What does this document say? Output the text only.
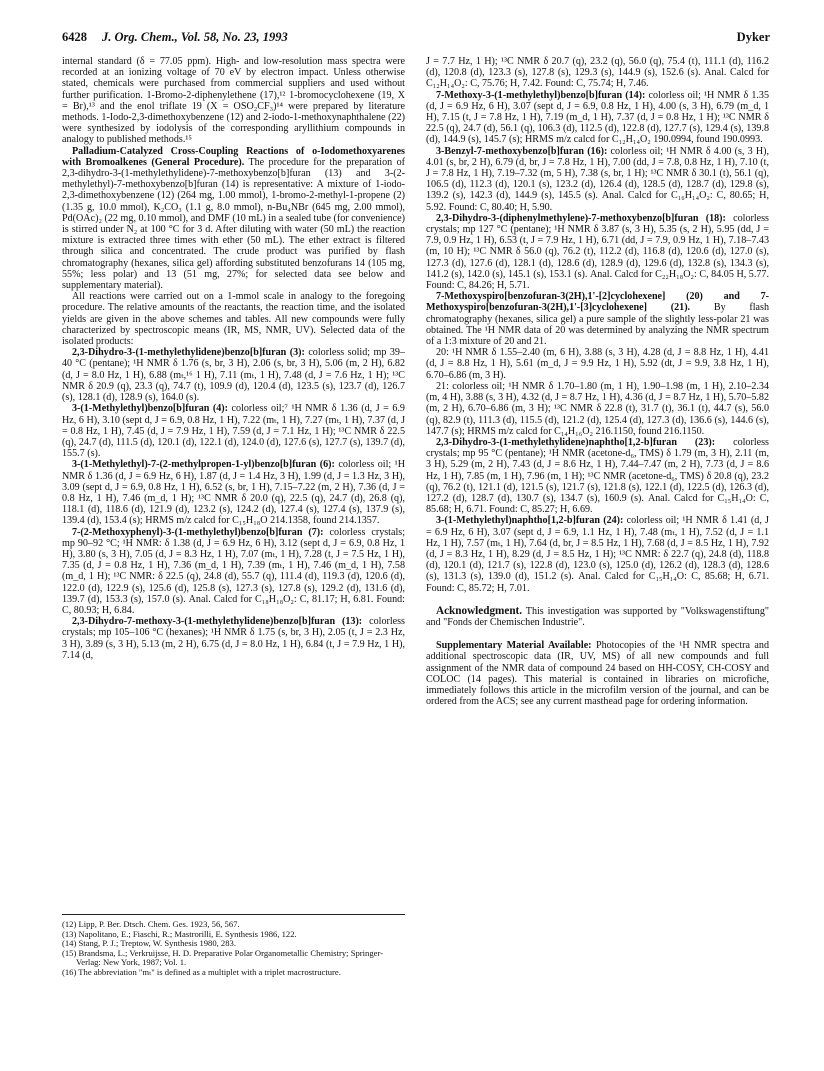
6428 J. Org. Chem., Vol. 58, No. 23, 1993	Dyker

internal standard (δ = 77.05 ppm). High- and low-resolution mass spectra were recorded at an ionizing voltage of 70 eV by electron impact. Unless otherwise stated, chemicals were purchased from commercial suppliers and used without further purification. 1-Bromo-2-diphenylethene (17),¹² 1-bromocyclohexene (19, X = Br),¹³ and the enol triflate 19 (X = OSO₂CF₃)¹⁴ were prepared by literature methods. 1-Iodo-2,3-dimethoxybenzene (12) and 2-iodo-1-methoxynaphthalene (22) were synthesized by iodolysis of the corresponding aryllithium compounds in analogy to published methods.¹⁵

Palladium-Catalyzed Cross-Coupling Reactions of o-Iodomethoxyarenes with Bromoalkenes (General Procedure). The procedure for the preparation of 2,3-dihydro-3-(1-methylethylidene)-7-methoxybenzo[b]furan (13) and 3-(2-methylethyl)-7-methoxybenzo[b]furan (14) is representative: A mixture of 1-iodo-2,3-dimethoxybenzene (12) (264 mg, 1.00 mmol), 1-bromo-2-methyl-1-propene (2) (1.35 g, 10.0 mmol), K₂CO₃ (1.1 g, 8.0 mmol), n-Bu₄NBr (645 mg, 2.00 mmol), Pd(OAc)₂ (22 mg, 0.10 mmol), and DMF (10 mL) in a sealed tube (for convenience) is stirred under N₂ at 100 °C for 3 d. After diluting with water (50 mL) the reaction mixture is extracted three times with ether (50 mL). The ether extract is filtered through silica and concentrated. The crude product was purified by flash chromatography (hexanes, silica gel) affording substituted benzofurans 14 (105 mg, 55%; less polar) and 13 (51 mg, 27%; for selected data see below and supplementary material).

All reactions were carried out on a 1-mmol scale in analogy to the foregoing procedure. The relative amounts of the reactants, the reaction time, and the isolated yields are given in the above schemes and tables. All new compounds were fully characterized by spectroscopic means (IR, MS, NMR, UV). Selected data of the isolated products:

2,3-Dihydro-3-(1-methylethylidene)benzo[b]furan (3): colorless solid; mp 39–40 °C (pentane); ¹H NMR δ 1.76 (s, br, 3 H), 2.06 (s, br, 3 H), 5.06 (m, 2 H), 6.82 (d, J = 8.0 Hz, 1 H), 6.88 (mₜ,¹⁶ 1 H), 7.11 (mₜ, 1 H), 7.48 (d, J = 7.6 Hz, 1 H); ¹³C NMR δ 20.9 (q), 23.3 (q), 74.7 (t), 109.9 (d), 120.4 (d), 123.5 (s), 123.7 (d), 126.7 (s), 128.1 (d), 128.9 (s), 164.0 (s).

3-(1-Methylethyl)benzo[b]furan (4): colorless oil;⁷ ¹H NMR δ 1.36 (d, J = 6.9 Hz, 6 H), 3.10 (sept d, J = 6.9, 0.8 Hz, 1 H), 7.22 (mₜ, 1 H), 7.27 (mₜ, 1 H), 7.37 (d, J = 0.8 Hz, 1 H), 7.45 (d, J = 7.9 Hz, 1 H), 7.59 (d, J = 7.1 Hz, 1 H); ¹³C NMR δ 22.5 (q), 24.7 (d), 111.5 (d), 120.1 (d), 122.1 (d), 124.0 (d), 127.6 (s), 127.7 (s), 139.7 (d), 155.7 (s).

3-(1-Methylethyl)-7-(2-methylpropen-1-yl)benzo[b]furan (6): colorless oil; ¹H NMR δ 1.36 (d, J = 6.9 Hz, 6 H), 1.87 (d, J = 1.4 Hz, 3 H), 1.99 (d, J = 1.3 Hz, 3 H), 3.09 (sept d, J = 6.9, 0.8 Hz, 1 H), 6.52 (s, br, 1 H), 7.15–7.22 (m, 2 H), 7.36 (d, J = 0.8 Hz, 1 H), 7.46 (m_d, 1 H); ¹³C NMR δ 20.0 (q), 22.5 (q), 24.7 (d), 26.8 (q), 118.1 (d), 118.6 (d), 121.9 (d), 123.2 (s), 124.2 (d), 127.4 (s), 127.4 (s), 137.9 (s), 139.4 (d), 153.4 (s); HRMS m/z calcd for C₁₅H₁₈O 214.1358, found 214.1357.

7-(2-Methoxyphenyl)-3-(1-methylethyl)benzo[b]furan (7): colorless crystals; mp 90–92 °C; ¹H NMR: δ 1.38 (d, J = 6.9 Hz, 6 H), 3.12 (sept d, J = 6.9, 0.8 Hz, 1 H), 3.80 (s, 3 H), 7.05 (d, J = 8.3 Hz, 1 H), 7.07 (mₜ, 1 H), 7.28 (t, J = 7.5 Hz, 1 H), 7.35 (d, J = 0.8 Hz, 1 H), 7.36 (m_d, 1 H), 7.39 (mₜ, 1 H), 7.46 (m_d, 1 H), 7.58 (m_d, 1 H); ¹³C NMR: δ 22.5 (q), 24.8 (d), 55.7 (q), 111.4 (d), 119.3 (d), 120.6 (d), 122.0 (d), 122.9 (s), 125.6 (d), 125.8 (s), 127.3 (s), 127.8 (s), 129.2 (d), 131.6 (d), 139.7 (d), 153.3 (s), 157.0 (s). Anal. Calcd for C₁₈H₁₈O₂: C, 81.17; H, 6.81. Found: C, 80.93; H, 6.84.

2,3-Dihydro-7-methoxy-3-(1-methylethylidene)benzo[b]furan (13): colorless crystals; mp 105–106 °C (hexanes); ¹H NMR δ 1.75 (s, br, 3 H), 2.05 (t, J = 2.3 Hz, 3 H), 3.89 (s, 3 H), 5.13 (m, 2 H), 6.75 (d, J = 8.0 Hz, 1 H), 6.84 (t, J = 7.9 Hz, 1 H), 7.14 (d,

(12) Lipp, P. Ber. Dtsch. Chem. Ges. 1923, 56, 567.
(13) Napolitano, E.; Fiaschi, R.; Mastrorilli, E. Synthesis 1986, 122.
(14) Stang, P. J.; Treptow, W. Synthesis 1980, 283.
(15) Brandsma, L.; Verkruijsse, H. D. Preparative Polar Organometallic Chemistry; Springer-Verlag: New York, 1987; Vol. 1.
(16) The abbreviation "mₜ" is defined as a multiplet with a triplet macrostructure.

J = 7.7 Hz, 1 H); ¹³C NMR δ 20.7 (q), 23.2 (q), 56.0 (q), 75.4 (t), 111.1 (d), 116.2 (d), 120.8 (d), 123.3 (s), 127.8 (s), 129.3 (s), 144.9 (s), 152.6 (s). Anal. Calcd for C₁₂H₁₄O₂: C, 75.76; H, 7.42. Found: C, 75.74; H, 7.46.

7-Methoxy-3-(1-methylethyl)benzo[b]furan (14): colorless oil; ¹H NMR δ 1.35 (d, J = 6.9 Hz, 6 H), 3.07 (sept d, J = 6.9, 0.8 Hz, 1 H), 4.00 (s, 3 H), 6.79 (m_d, 1 H), 7.15 (t, J = 7.8 Hz, 1 H), 7.19 (m_d, 1 H), 7.37 (d, J = 0.8 Hz, 1 H); ¹³C NMR δ 22.5 (q), 24.7 (d), 56.1 (q), 106.3 (d), 112.5 (d), 122.8 (d), 127.7 (s), 129.4 (s), 139.8 (d), 144.9 (s), 145.7 (s); HRMS m/z calcd for C₁₂H₁₄O₂ 190.0994, found 190.0993.

3-Benzyl-7-methoxybenzo[b]furan (16): colorless oil; ¹H NMR δ 4.00 (s, 3 H), 4.01 (s, br, 2 H), 6.79 (d, br, J = 7.8 Hz, 1 H), 7.00 (dd, J = 7.8, 0.8 Hz, 1 H), 7.10 (t, J = 7.8 Hz, 1 H), 7.19–7.32 (m, 5 H), 7.38 (s, br, 1 H); ¹³C NMR δ 30.1 (t), 56.1 (q), 106.5 (d), 112.3 (d), 120.1 (s), 123.2 (d), 126.4 (d), 128.5 (d), 128.7 (d), 129.8 (s), 139.2 (s), 142.3 (d), 144.9 (s), 145.5 (s). Anal. Calcd for C₁₆H₁₄O₂: C, 80.65; H, 5.92. Found: C, 80.40; H, 5.90.

2,3-Dihydro-3-(diphenylmethylene)-7-methoxybenzo[b]furan (18): colorless crystals; mp 127 °C (pentane); ¹H NMR δ 3.87 (s, 3 H), 5.35 (s, 2 H), 5.95 (dd, J = 7.9, 0.9 Hz, 1 H), 6.53 (t, J = 7.9 Hz, 1 H), 6.71 (dd, J = 7.9, 0.9 Hz, 1 H), 7.18–7.43 (m, 10 H); ¹³C NMR δ 56.0 (q), 76.2 (t), 112.2 (d), 116.8 (d), 120.6 (d), 127.0 (s), 127.3 (d), 127.6 (d), 128.1 (d), 128.6 (d), 128.9 (d), 129.6 (d), 132.8 (s), 134.3 (s), 141.2 (s), 142.0 (s), 145.1 (s), 153.1 (s). Anal. Calcd for C₂₂H₁₈O₂: C, 84.05 H, 5.77. Found: C, 84.26; H, 5.71.

7-Methoxyspiro[benzofuran-3(2H),1'-[2]cyclohexene] (20) and 7-Methoxyspiro[benzofuran-3(2H),1'-[3]cyclohexene] (21). By flash chromatography (hexanes, silica gel) a pure sample of the slightly less-polar 21 was obtained. The ¹H NMR data of 20 was determined by analyzing the NMR spectrum of a 1:3 mixture of 20 and 21.

20: ¹H NMR δ 1.55–2.40 (m, 6 H), 3.88 (s, 3 H), 4.28 (d, J = 8.8 Hz, 1 H), 4.41 (d, J = 8.8 Hz, 1 H), 5.61 (m_d, J = 9.9 Hz, 1 H), 5.92 (dt, J = 9.9, 3.8 Hz, 1 H), 6.70–6.86 (m, 3 H).

21: colorless oil; ¹H NMR δ 1.70–1.80 (m, 1 H), 1.90–1.98 (m, 1 H), 2.10–2.34 (m, 4 H), 3.88 (s, 3 H), 4.32 (d, J = 8.7 Hz, 1 H), 4.36 (d, J = 8.7 Hz, 1 H), 5.70–5.82 (m, 2 H), 6.70–6.86 (m, 3 H); ¹³C NMR δ 22.8 (t), 31.7 (t), 36.1 (t), 44.7 (s), 56.0 (q), 82.9 (t), 111.3 (d), 115.5 (d), 121.2 (d), 125.4 (d), 127.3 (d), 136.6 (s), 144.6 (s), 147.7 (s); HRMS m/z calcd for C₁₄H₁₆O₂ 216.1150, found 216.1150.

2,3-Dihydro-3-(1-methylethylidene)naphtho[1,2-b]furan (23): colorless crystals; mp 95 °C (pentane); ¹H NMR (acetone-d₆, TMS) δ 1.79 (m, 3 H), 2.11 (m, 3 H), 5.29 (m, 2 H), 7.43 (d, J = 8.6 Hz, 1 H), 7.44–7.47 (m, 2 H), 7.73 (d, J = 8.6 Hz, 1 H), 7.85 (m, 1 H), 7.96 (m, 1 H); ¹³C NMR (acetone-d₆, TMS) δ 20.8 (q), 23.2 (q), 76.2 (t), 121.1 (d), 121.5 (s), 121.7 (s), 121.8 (s), 122.1 (d), 122.5 (d), 126.3 (d), 127.2 (d), 128.7 (d), 130.7 (s), 134.7 (s), 160.9 (s). Anal. Calcd for C₁₅H₁₄O: C, 85.68; H, 6.71. Found: C, 85.27; H, 6.69.

3-(1-Methylethyl)naphtho[1,2-b]furan (24): colorless oil; ¹H NMR δ 1.41 (d, J = 6.9 Hz, 6 H), 3.07 (sept d, J = 6.9, 1.1 Hz, 1 H), 7.48 (mₜ, 1 H), 7.52 (d, J = 1.1 Hz, 1 H), 7.57 (mₜ, 1 H), 7.64 (d, br, J = 8.5 Hz, 1 H), 7.68 (d, J = 8.5 Hz, 1 H), 7.92 (d, J = 8.3 Hz, 1 H), 8.29 (d, J = 8.5 Hz, 1 H); ¹³C NMR: δ 22.7 (q), 24.8 (d), 118.8 (d), 120.1 (d), 121.7 (s), 122.8 (d), 123.0 (s), 125.0 (d), 126.2 (d), 128.3 (d), 128.6 (s), 131.3 (s), 139.0 (d), 151.2 (s). Anal. Calcd for C₁₅H₁₄O: C, 85.68; H, 6.71. Found: C, 85.72; H, 7.01.

Acknowledgment. This investigation was supported by "Volkswagenstiftung" and "Fonds der Chemischen Industrie".

Supplementary Material Available: Photocopies of the ¹H NMR spectra and additional spectroscopic data (IR, UV, MS) of all new compounds and full assignment of the NMR data of compound 24 based on HH-COSY, CH-COSY and COLOC (14 pages). This material is contained in libraries on microfiche, immediately follows this article in the microfilm version of the journal, and can be ordered from the ACS; see any current masthead page for ordering information.
